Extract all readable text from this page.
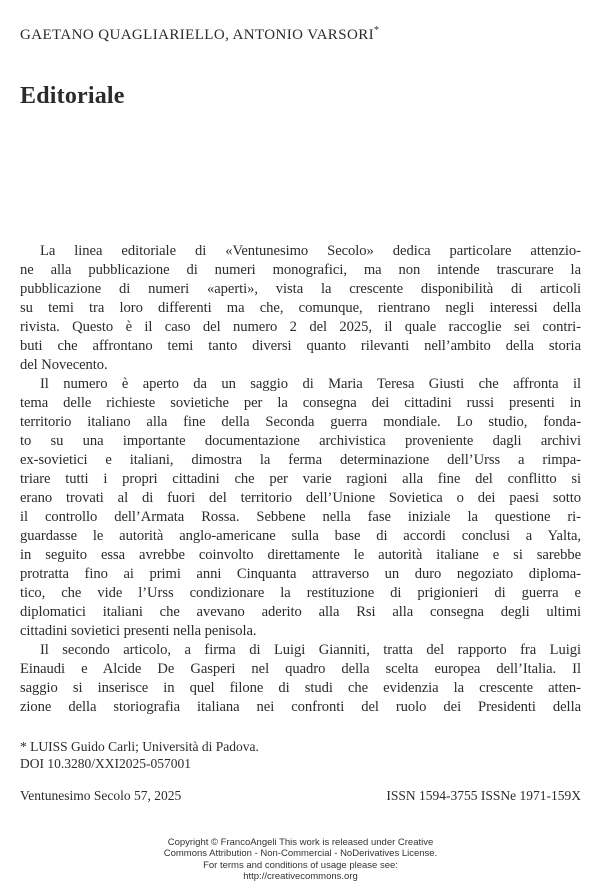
GAETANO QUAGLIARIELLO, ANTONIO VARSORI*
Editoriale
La linea editoriale di «Ventunesimo Secolo» dedica particolare attenzio-
ne alla pubblicazione di numeri monografici, ma non intende trascurare la
pubblicazione di numeri «aperti», vista la crescente disponibilità di articoli
su temi tra loro differenti ma che, comunque, rientrano negli interessi della
rivista. Questo è il caso del numero 2 del 2025, il quale raccoglie sei contri-
buti che affrontano temi tanto diversi quanto rilevanti nell’ambito della storia
del Novecento.
Il numero è aperto da un saggio di Maria Teresa Giusti che affronta il
tema delle richieste sovietiche per la consegna dei cittadini russi presenti in
territorio italiano alla fine della Seconda guerra mondiale. Lo studio, fonda-
to su una importante documentazione archivistica proveniente dagli archivi
ex-sovietici e italiani, dimostra la ferma determinazione dell’Urss a rimpa-
triare tutti i propri cittadini che per varie ragioni alla fine del conflitto si
erano trovati al di fuori del territorio dell’Unione Sovietica o dei paesi sotto
il controllo dell’Armata Rossa. Sebbene nella fase iniziale la questione ri-
guardasse le autorità anglo-americane sulla base di accordi conclusi a Yalta,
in seguito essa avrebbe coinvolto direttamente le autorità italiane e si sarebbe
protratta fino ai primi anni Cinquanta attraverso un duro negoziato diploma-
tico, che vide l’Urss condizionare la restituzione di prigionieri di guerra e
diplomatici italiani che avevano aderito alla Rsi alla consegna degli ultimi
cittadini sovietici presenti nella penisola.
Il secondo articolo, a firma di Luigi Gianniti, tratta del rapporto fra Luigi
Einaudi e Alcide De Gasperi nel quadro della scelta europea dell’Italia. Il
saggio si inserisce in quel filone di studi che evidenzia la crescente atten-
zione della storiografia italiana nei confronti del ruolo dei Presidenti della
* LUISS Guido Carli; Università di Padova.
DOI 10.3280/XXI2025-057001
Ventunesimo Secolo 57, 2025	ISSN 1594-3755 ISSNe 1971-159X
Copyright © FrancoAngeli This work is released under Creative
Commons Attribution - Non-Commercial - NoDerivatives License.
For terms and conditions of usage please see:
http://creativecommons.org
